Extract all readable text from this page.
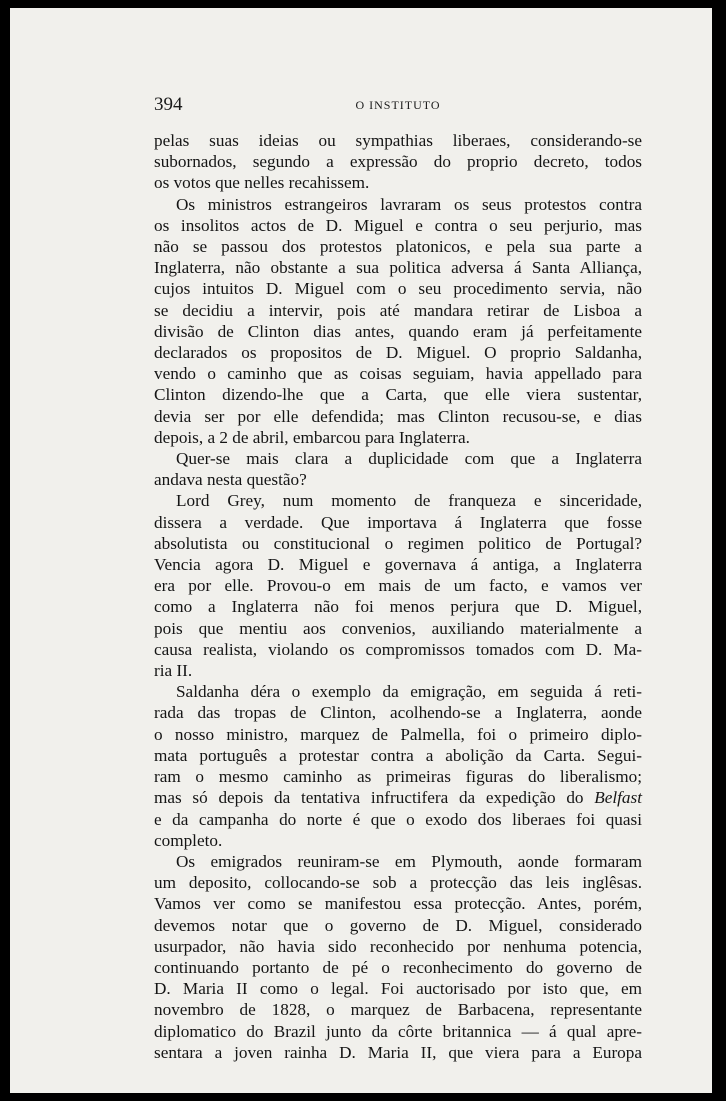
394	O INSTITUTO
pelas suas ideias ou sympathias liberaes, considerando-se
subornados, segundo a expressão do proprio decreto, todos
os votos que nelles recahissem.
Os ministros estrangeiros lavraram os seus protestos contra
os insolitos actos de D. Miguel e contra o seu perjurio, mas
não se passou dos protestos platonicos, e pela sua parte a
Inglaterra, não obstante a sua politica adversa á Santa Alliança,
cujos intuitos D. Miguel com o seu procedimento servia, não
se decidiu a intervir, pois até mandara retirar de Lisboa a
divisão de Clinton dias antes, quando eram já perfeitamente
declarados os propositos de D. Miguel. O proprio Saldanha,
vendo o caminho que as coisas seguiam, havia appellado para
Clinton dizendo-lhe que a Carta, que elle viera sustentar,
devia ser por elle defendida; mas Clinton recusou-se, e dias
depois, a 2 de abril, embarcou para Inglaterra.
Quer-se mais clara a duplicidade com que a Inglaterra
andava nesta questão?
Lord Grey, num momento de franqueza e sinceridade,
dissera a verdade. Que importava á Inglaterra que fosse
absolutista ou constitucional o regimen politico de Portugal?
Vencia agora D. Miguel e governava á antiga, a Inglaterra
era por elle. Provou-o em mais de um facto, e vamos ver
como a Inglaterra não foi menos perjura que D. Miguel,
pois que mentiu aos convenios, auxiliando materialmente a
causa realista, violando os compromissos tomados com D. Ma-
ria II.
Saldanha déra o exemplo da emigração, em seguida á reti-
rada das tropas de Clinton, acolhendo-se a Inglaterra, aonde
o nosso ministro, marquez de Palmella, foi o primeiro diplo-
mata português a protestar contra a abolição da Carta. Segui-
ram o mesmo caminho as primeiras figuras do liberalismo;
mas só depois da tentativa infructifera da expedição do Belfast
e da campanha do norte é que o exodo dos liberaes foi quasi
completo.
Os emigrados reuniram-se em Plymouth, aonde formaram
um deposito, collocando-se sob a protecção das leis inglêsas.
Vamos ver como se manifestou essa protecção. Antes, porém,
devemos notar que o governo de D. Miguel, considerado
usurpador, não havia sido reconhecido por nenhuma potencia,
continuando portanto de pé o reconhecimento do governo de
D. Maria II como o legal. Foi auctorisado por isto que, em
novembro de 1828, o marquez de Barbacena, representante
diplomatico do Brazil junto da côrte britannica — á qual apre-
sentara a joven rainha D. Maria II, que viera para a Europa
